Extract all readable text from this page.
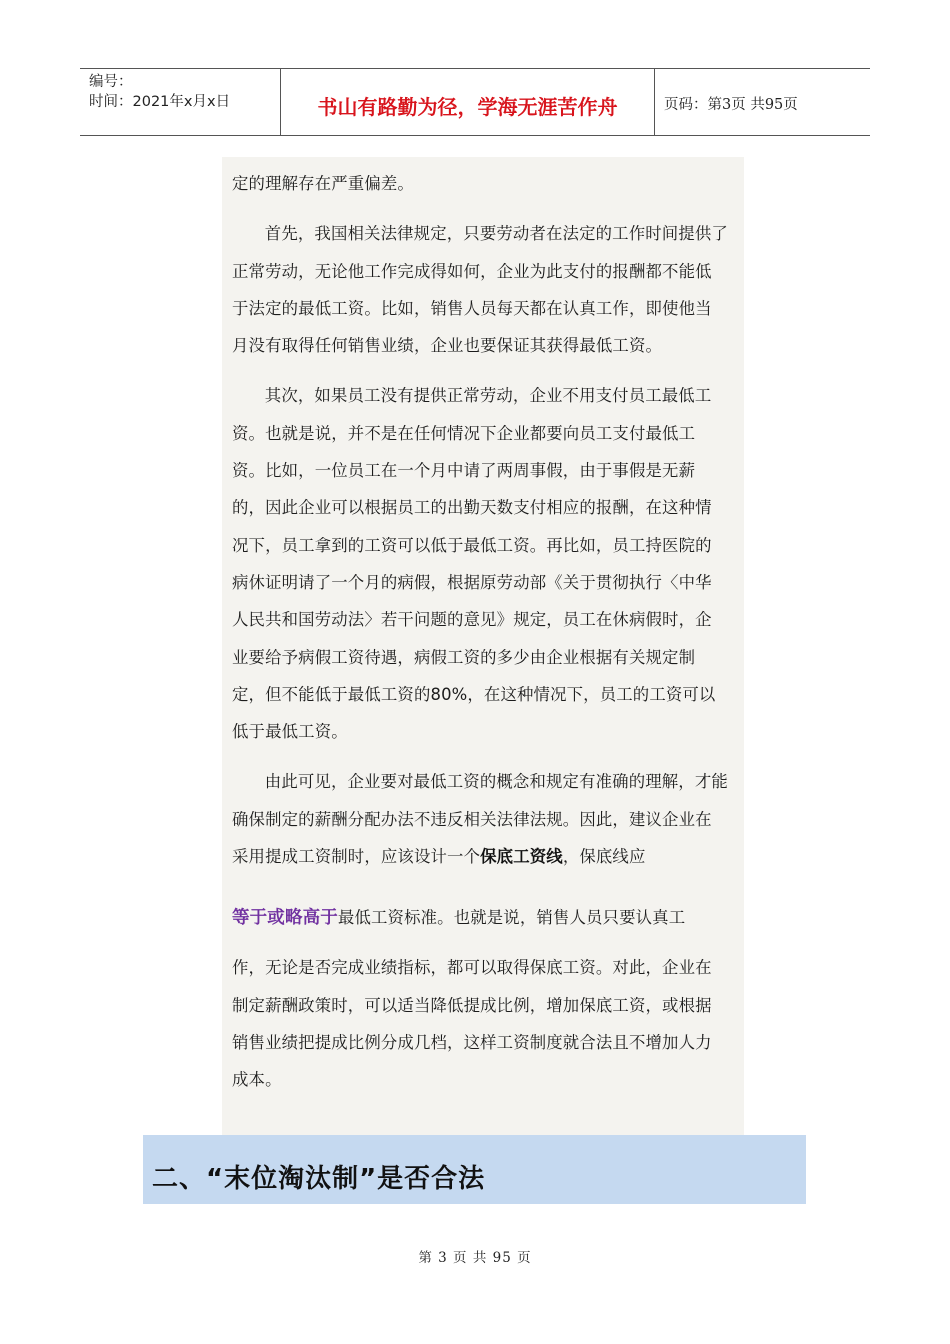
编号：
时间：2021年x月x日	书山有路勤为径，学海无涯苦作舟	页码：第3页 共95页

定的理解存在严重偏差。

首先，我国相关法律规定，只要劳动者在法定的工作时间提供了正常劳动，无论他工作完成得如何，企业为此支付的报酬都不能低于法定的最低工资。比如，销售人员每天都在认真工作，即使他当月没有取得任何销售业绩，企业也要保证其获得最低工资。

其次，如果员工没有提供正常劳动，企业不用支付员工最低工资。也就是说，并不是在任何情况下企业都要向员工支付最低工资。比如，一位员工在一个月中请了两周事假，由于事假是无薪的，因此企业可以根据员工的出勤天数支付相应的报酬，在这种情况下，员工拿到的工资可以低于最低工资。再比如，员工持医院的病休证明请了一个月的病假，根据原劳动部《关于贯彻执行〈中华人民共和国劳动法〉若干问题的意见》规定，员工在休病假时，企业要给予病假工资待遇，病假工资的多少由企业根据有关规定制定，但不能低于最低工资的80%，在这种情况下，员工的工资可以低于最低工资。

由此可见，企业要对最低工资的概念和规定有准确的理解，才能确保制定的薪酬分配办法不违反相关法律法规。因此，建议企业在采用提成工资制时，应该设计一个保底工资线，保底线应

等于或略高于最低工资标准。也就是说，销售人员只要认真工

作，无论是否完成业绩指标，都可以取得保底工资。对此，企业在制定薪酬政策时，可以适当降低提成比例，增加保底工资，或根据销售业绩把提成比例分成几档，这样工资制度就合法且不增加人力成本。

二、“末位淘汰制”是否合法
第 3 页 共 95 页
